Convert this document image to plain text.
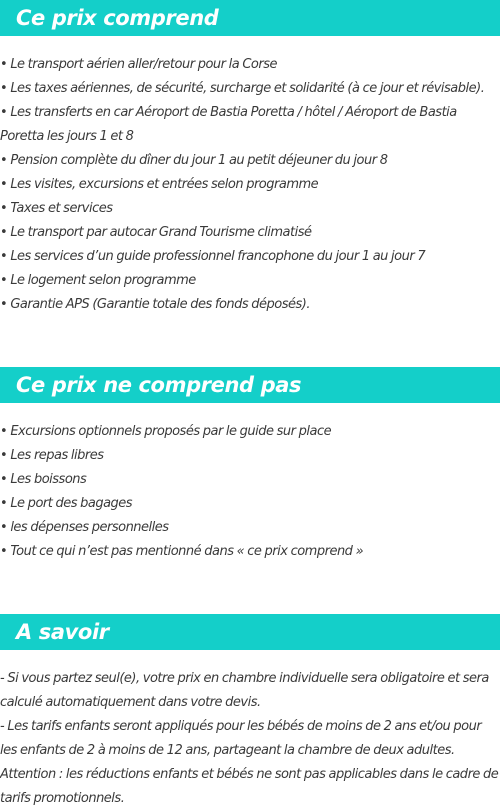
Ce prix comprend
• Le transport aérien aller/retour pour la Corse
• Les taxes aériennes, de sécurité, surcharge et solidarité (à ce jour et révisable).
• Les transferts en car Aéroport de Bastia Poretta / hôtel / Aéroport de Bastia Poretta les jours 1 et 8
• Pension complète du dîner du jour 1 au petit déjeuner du jour 8
• Les visites, excursions et entrées selon programme
• Taxes et services
• Le transport par autocar Grand Tourisme climatisé
• Les services d’un guide professionnel francophone du jour 1 au jour 7
• Le logement selon programme
• Garantie APS (Garantie totale des fonds déposés).
Ce prix ne comprend pas
• Excursions optionnels proposés par le guide sur place
• Les repas libres
• Les boissons
• Le port des bagages
• les dépenses personnelles
• Tout ce qui n’est pas mentionné dans « ce prix comprend »
A savoir

- Si vous partez seul(e), votre prix en chambre individuelle sera obligatoire et sera calculé automatiquement dans votre devis.

- Les tarifs enfants seront appliqués pour les bébés de moins de 2 ans et/ou pour les enfants de 2 à moins de 12 ans, partageant la chambre de deux adultes.

Attention : les réductions enfants et bébés ne sont pas applicables dans le cadre de tarifs promotionnels.
